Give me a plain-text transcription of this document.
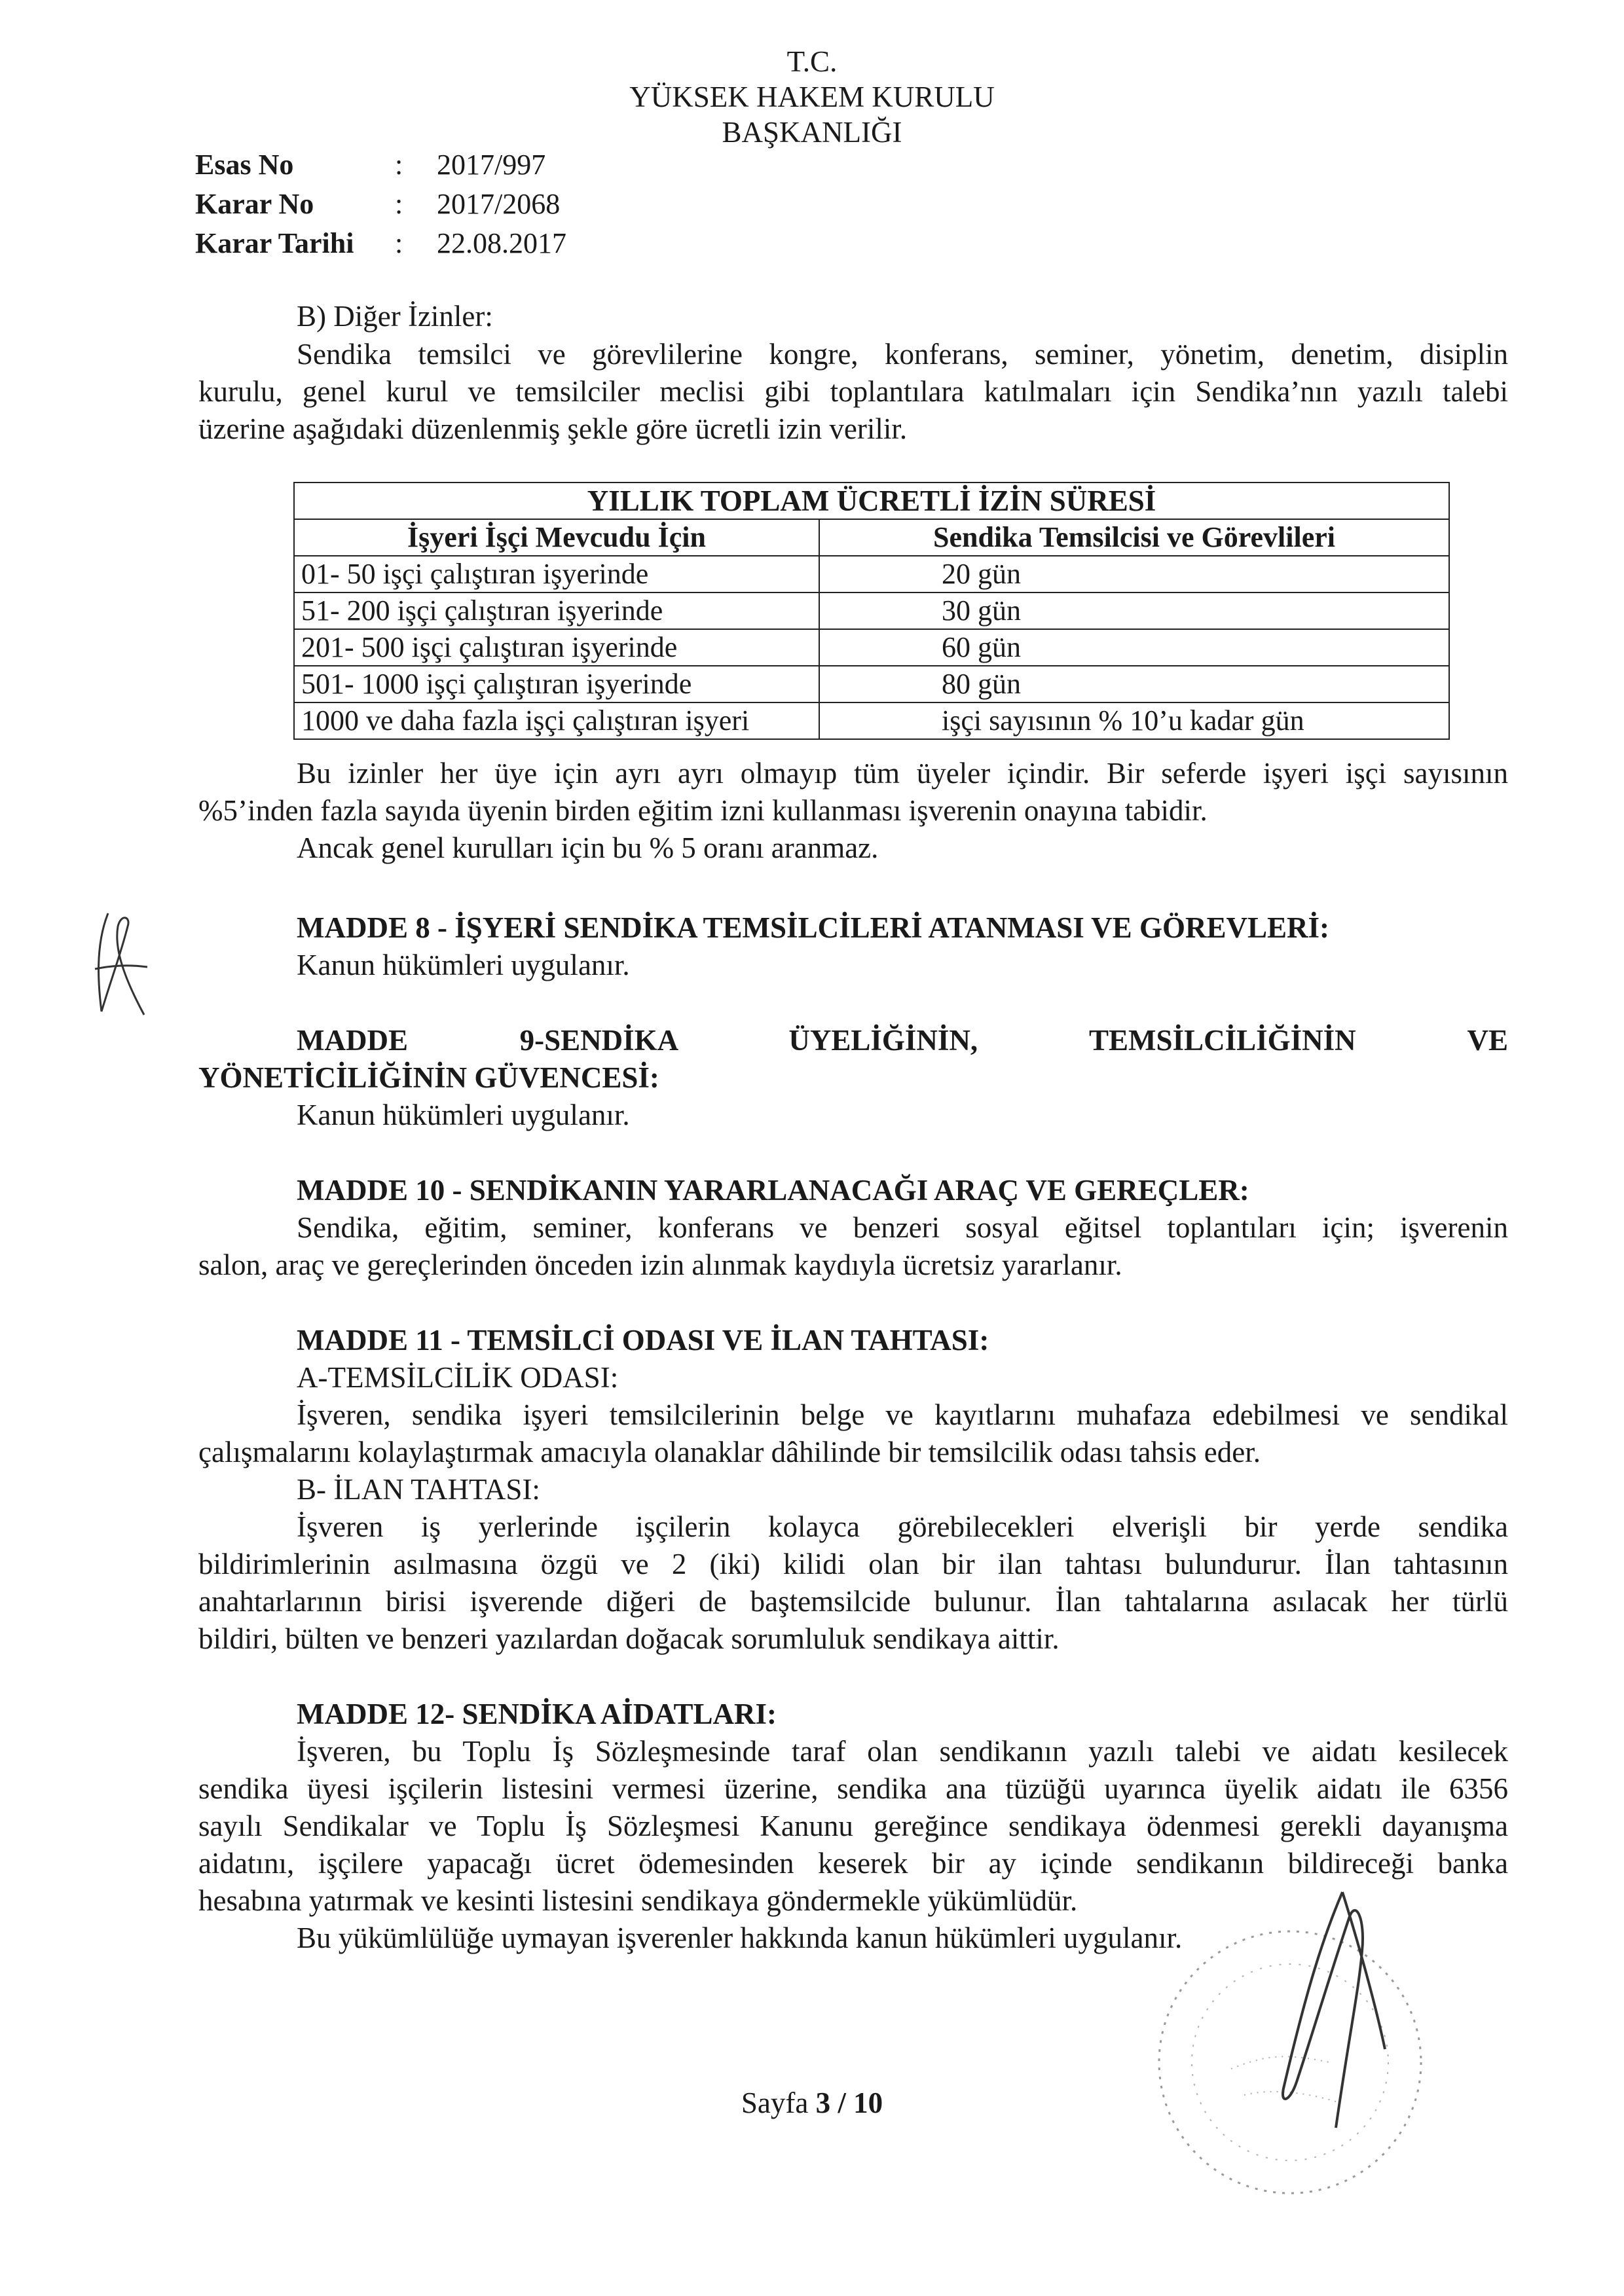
T.C.
YÜKSEK HAKEM KURULU
BAŞKANLIĞI
Esas No	: 2017/997
Karar No	: 2017/2068
Karar Tarihi : 22.08.2017
B) Diğer İzinler:
Sendika temsilci ve görevlilerine kongre, konferans, seminer, yönetim, denetim, disiplin
kurulu, genel kurul ve temsilciler meclisi gibi toplantılara katılmaları için Sendika’nın yazılı talebi
üzerine aşağıdaki düzenlenmiş şekle göre ücretli izin verilir.
YILLIK TOPLAM ÜCRETLİ İZİN SÜRESİ	
İşyeri İşçi Mevcudu İçin	Sendika Temsilcisi ve Görevlileri
01- 50 işçi çalıştıran işyerinde	20 gün
51- 200 işçi çalıştıran işyerinde	30 gün
201- 500 işçi çalıştıran işyerinde	60 gün
501- 1000 işçi çalıştıran işyerinde	80 gün
1000 ve daha fazla işçi çalıştıran işyeri	işçi sayısının % 10’u kadar gün
Bu izinler her üye için ayrı ayrı olmayıp tüm üyeler içindir. Bir seferde işyeri işçi sayısının
%5’inden fazla sayıda üyenin birden eğitim izni kullanması işverenin onayına tabidir.
Ancak genel kurulları için bu % 5 oranı aranmaz.
MADDE 8 - İŞYERİ SENDİKA TEMSİLCİLERİ ATANMASI VE GÖREVLERİ:
Kanun hükümleri uygulanır.
MADDE 9-SENDİKA ÜYELİĞİNİN, TEMSİLCİLİĞİNİN VE
YÖNETİCİLİĞİNİN GÜVENCESİ:
Kanun hükümleri uygulanır.
MADDE 10 - SENDİKANIN YARARLANACAĞI ARAÇ VE GEREÇLER:
Sendika, eğitim, seminer, konferans ve benzeri sosyal eğitsel toplantıları için; işverenin
salon, araç ve gereçlerinden önceden izin alınmak kaydıyla ücretsiz yararlanır.
MADDE 11 - TEMSİLCİ ODASI VE İLAN TAHTASI:
A-TEMSİLCİLİK ODASI:
İşveren, sendika işyeri temsilcilerinin belge ve kayıtlarını muhafaza edebilmesi ve sendikal
çalışmalarını kolaylaştırmak amacıyla olanaklar dâhilinde bir temsilcilik odası tahsis eder.
B- İLAN TAHTASI:
İşveren iş yerlerinde işçilerin kolayca görebilecekleri elverişli bir yerde sendika
bildirimlerinin asılmasına özgü ve 2 (iki) kilidi olan bir ilan tahtası bulundurur. İlan tahtasının
anahtarlarının birisi işverende diğeri de baştemsilcide bulunur. İlan tahtalarına asılacak her türlü
bildiri, bülten ve benzeri yazılardan doğacak sorumluluk sendikaya aittir.
MADDE 12- SENDİKA AİDATLARI:
İşveren, bu Toplu İş Sözleşmesinde taraf olan sendikanın yazılı talebi ve aidatı kesilecek
sendika üyesi işçilerin listesini vermesi üzerine, sendika ana tüzüğü uyarınca üyelik aidatı ile 6356
sayılı Sendikalar ve Toplu İş Sözleşmesi Kanunu gereğince sendikaya ödenmesi gerekli dayanışma
aidatını, işçilere yapacağı ücret ödemesinden keserek bir ay içinde sendikanın bildireceği banka
hesabına yatırmak ve kesinti listesini sendikaya göndermekle yükümlüdür.
Bu yükümlülüğe uymayan işverenler hakkında kanun hükümleri uygulanır.
Sayfa 3 / 10
